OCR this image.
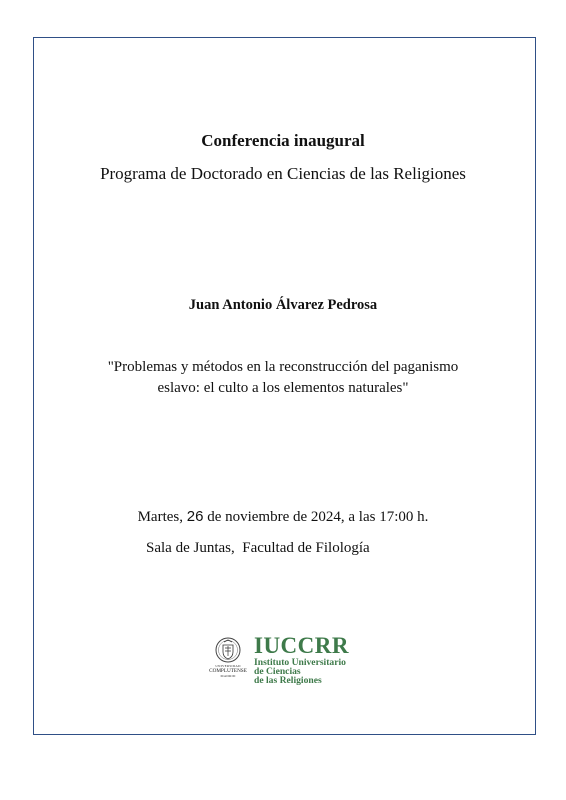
Conferencia inaugural
Programa de Doctorado en Ciencias de las Religiones
Juan Antonio Álvarez Pedrosa
"Problemas y métodos en la reconstrucción del paganismo
eslavo: el culto a los elementos naturales"
Martes, 26 de noviembre de 2024, a las 17:00 h.
Sala de Juntas,  Facultad de Filología
UNIVERSIDAD
COMPLUTENSE
MADRID
IUCCRR
Instituto Universitario
de Ciencias
de las Religiones
